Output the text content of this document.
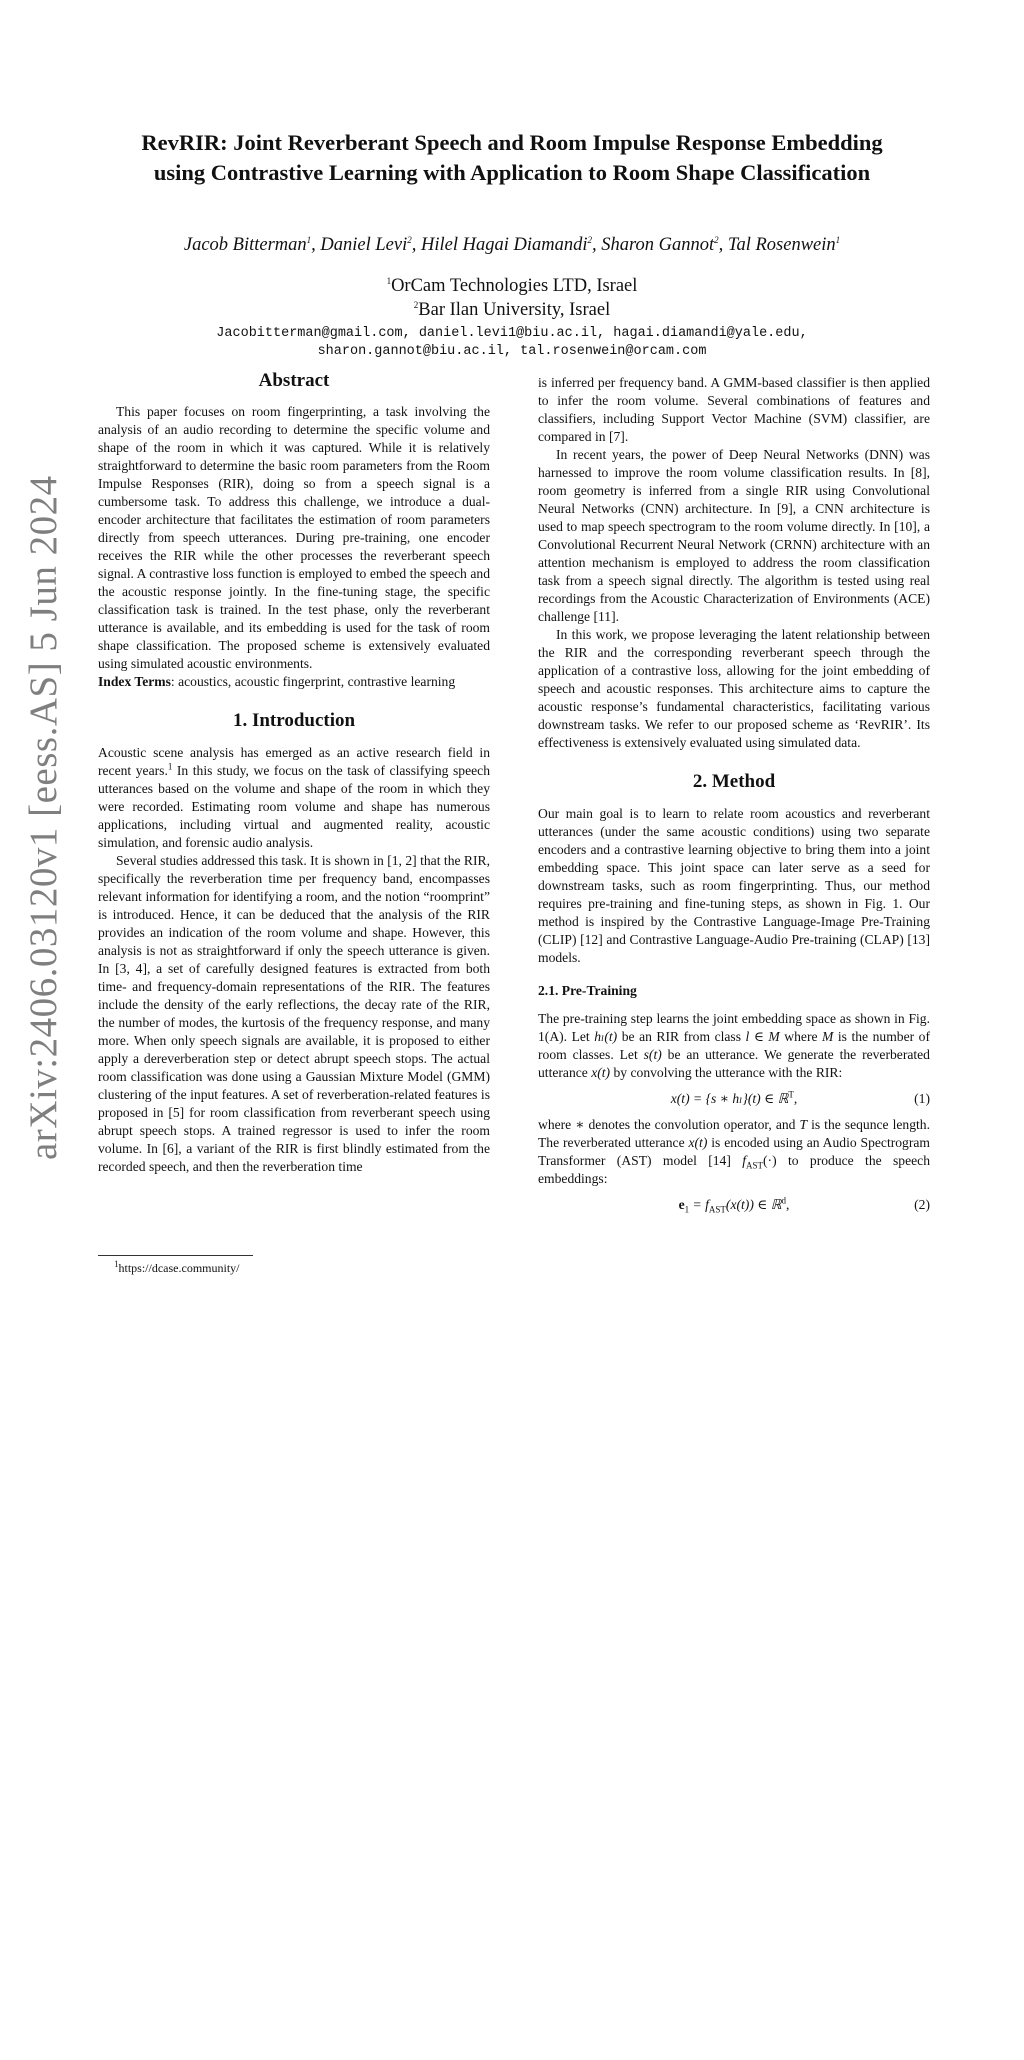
arXiv:2406.03120v1 [eess.AS] 5 Jun 2024
RevRIR: Joint Reverberant Speech and Room Impulse Response Embedding
using Contrastive Learning with Application to Room Shape Classification
Jacob Bitterman$^1$, Daniel Levi$^2$, Hilel Hagai Diamandi$^2$, Sharon Gannot$^2$, Tal Rosenwein$^1$
$^1$OrCam Technologies LTD, Israel
$^2$Bar Ilan University, Israel
Jacobitterman@gmail.com, daniel.levi1@biu.ac.il, hagai.diamandi@yale.edu,
sharon.gannot@biu.ac.il, tal.rosenwein@orcam.com
Abstract

This paper focuses on room fingerprinting, a task involving the analysis of an audio recording to determine the specific volume and shape of the room in which it was captured. While it is relatively straightforward to determine the basic room parameters from the Room Impulse Responses (RIR), doing so from a speech signal is a cumbersome task. To address this challenge, we introduce a dual-encoder architecture that facilitates the estimation of room parameters directly from speech utterances. During pre-training, one encoder receives the RIR while the other processes the reverberant speech signal. A contrastive loss function is employed to embed the speech and the acoustic response jointly. In the fine-tuning stage, the specific classification task is trained. In the test phase, only the reverberant utterance is available, and its embedding is used for the task of room shape classification. The proposed scheme is extensively evaluated using simulated acoustic environments.

Index Terms: acoustics, acoustic fingerprint, contrastive learning

1. Introduction

Acoustic scene analysis has emerged as an active research field in recent years.$^1$ In this study, we focus on the task of classifying speech utterances based on the volume and shape of the room in which they were recorded. Estimating room volume and shape has numerous applications, including virtual and augmented reality, acoustic simulation, and forensic audio analysis.

Several studies addressed this task. It is shown in [1, 2] that the RIR, specifically the reverberation time per frequency band, encompasses relevant information for identifying a room, and the notion “roomprint” is introduced. Hence, it can be deduced that the analysis of the RIR provides an indication of the room volume and shape. However, this analysis is not as straightforward if only the speech utterance is given. In [3, 4], a set of carefully designed features is extracted from both time- and frequency-domain representations of the RIR. The features include the density of the early reflections, the decay rate of the RIR, the number of modes, the kurtosis of the frequency response, and many more. When only speech signals are available, it is proposed to either apply a dereverberation step or detect abrupt speech stops. The actual room classification was done using a Gaussian Mixture Model (GMM) clustering of the input features. A set of reverberation-related features is proposed in [5] for room classification from reverberant speech using abrupt speech stops. A trained regressor is used to infer the room volume. In [6], a variant of the RIR is first blindly estimated from the recorded speech, and then the reverberation time

$^1$https://dcase.community/

is inferred per frequency band. A GMM-based classifier is then applied to infer the room volume. Several combinations of features and classifiers, including Support Vector Machine (SVM) classifier, are compared in [7].

In recent years, the power of Deep Neural Networks (DNN) was harnessed to improve the room volume classification results. In [8], room geometry is inferred from a single RIR using Convolutional Neural Networks (CNN) architecture. In [9], a CNN architecture is used to map speech spectrogram to the room volume directly. In [10], a Convolutional Recurrent Neural Network (CRNN) architecture with an attention mechanism is employed to address the room classification task from a speech signal directly. The algorithm is tested using real recordings from the Acoustic Characterization of Environments (ACE) challenge [11].

In this work, we propose leveraging the latent relationship between the RIR and the corresponding reverberant speech through the application of a contrastive loss, allowing for the joint embedding of speech and acoustic responses. This architecture aims to capture the acoustic response’s fundamental characteristics, facilitating various downstream tasks. We refer to our proposed scheme as ‘RevRIR’. Its effectiveness is extensively evaluated using simulated data.

2. Method

Our main goal is to learn to relate room acoustics and reverberant utterances (under the same acoustic conditions) using two separate encoders and a contrastive learning objective to bring them into a joint embedding space. This joint space can later serve as a seed for downstream tasks, such as room fingerprinting. Thus, our method requires pre-training and fine-tuning steps, as shown in Fig. 1. Our method is inspired by the Contrastive Language-Image Pre-Training (CLIP) [12] and Contrastive Language-Audio Pre-training (CLAP) [13] models.

2.1. Pre-Training

The pre-training step learns the joint embedding space as shown in Fig. 1(A). Let hₗ(t) be an RIR from class l ∈ M where M is the number of room classes. Let s(t) be an utterance. We generate the reverberated utterance x(t) by convolving the utterance with the RIR:

x(t) = {s ∗ hₗ}(t) ∈ ℝ$^T$,	(1)

where ∗ denotes the convolution operator, and T is the sequnce length. The reverberated utterance x(t) is encoded using an Audio Spectrogram Transformer (AST) model [14] $f_{AST}(\cdot)$ to produce the speech embeddings:

$e_1 = f_{AST}(x(t))$ ∈ ℝ$^d$,	(2)
